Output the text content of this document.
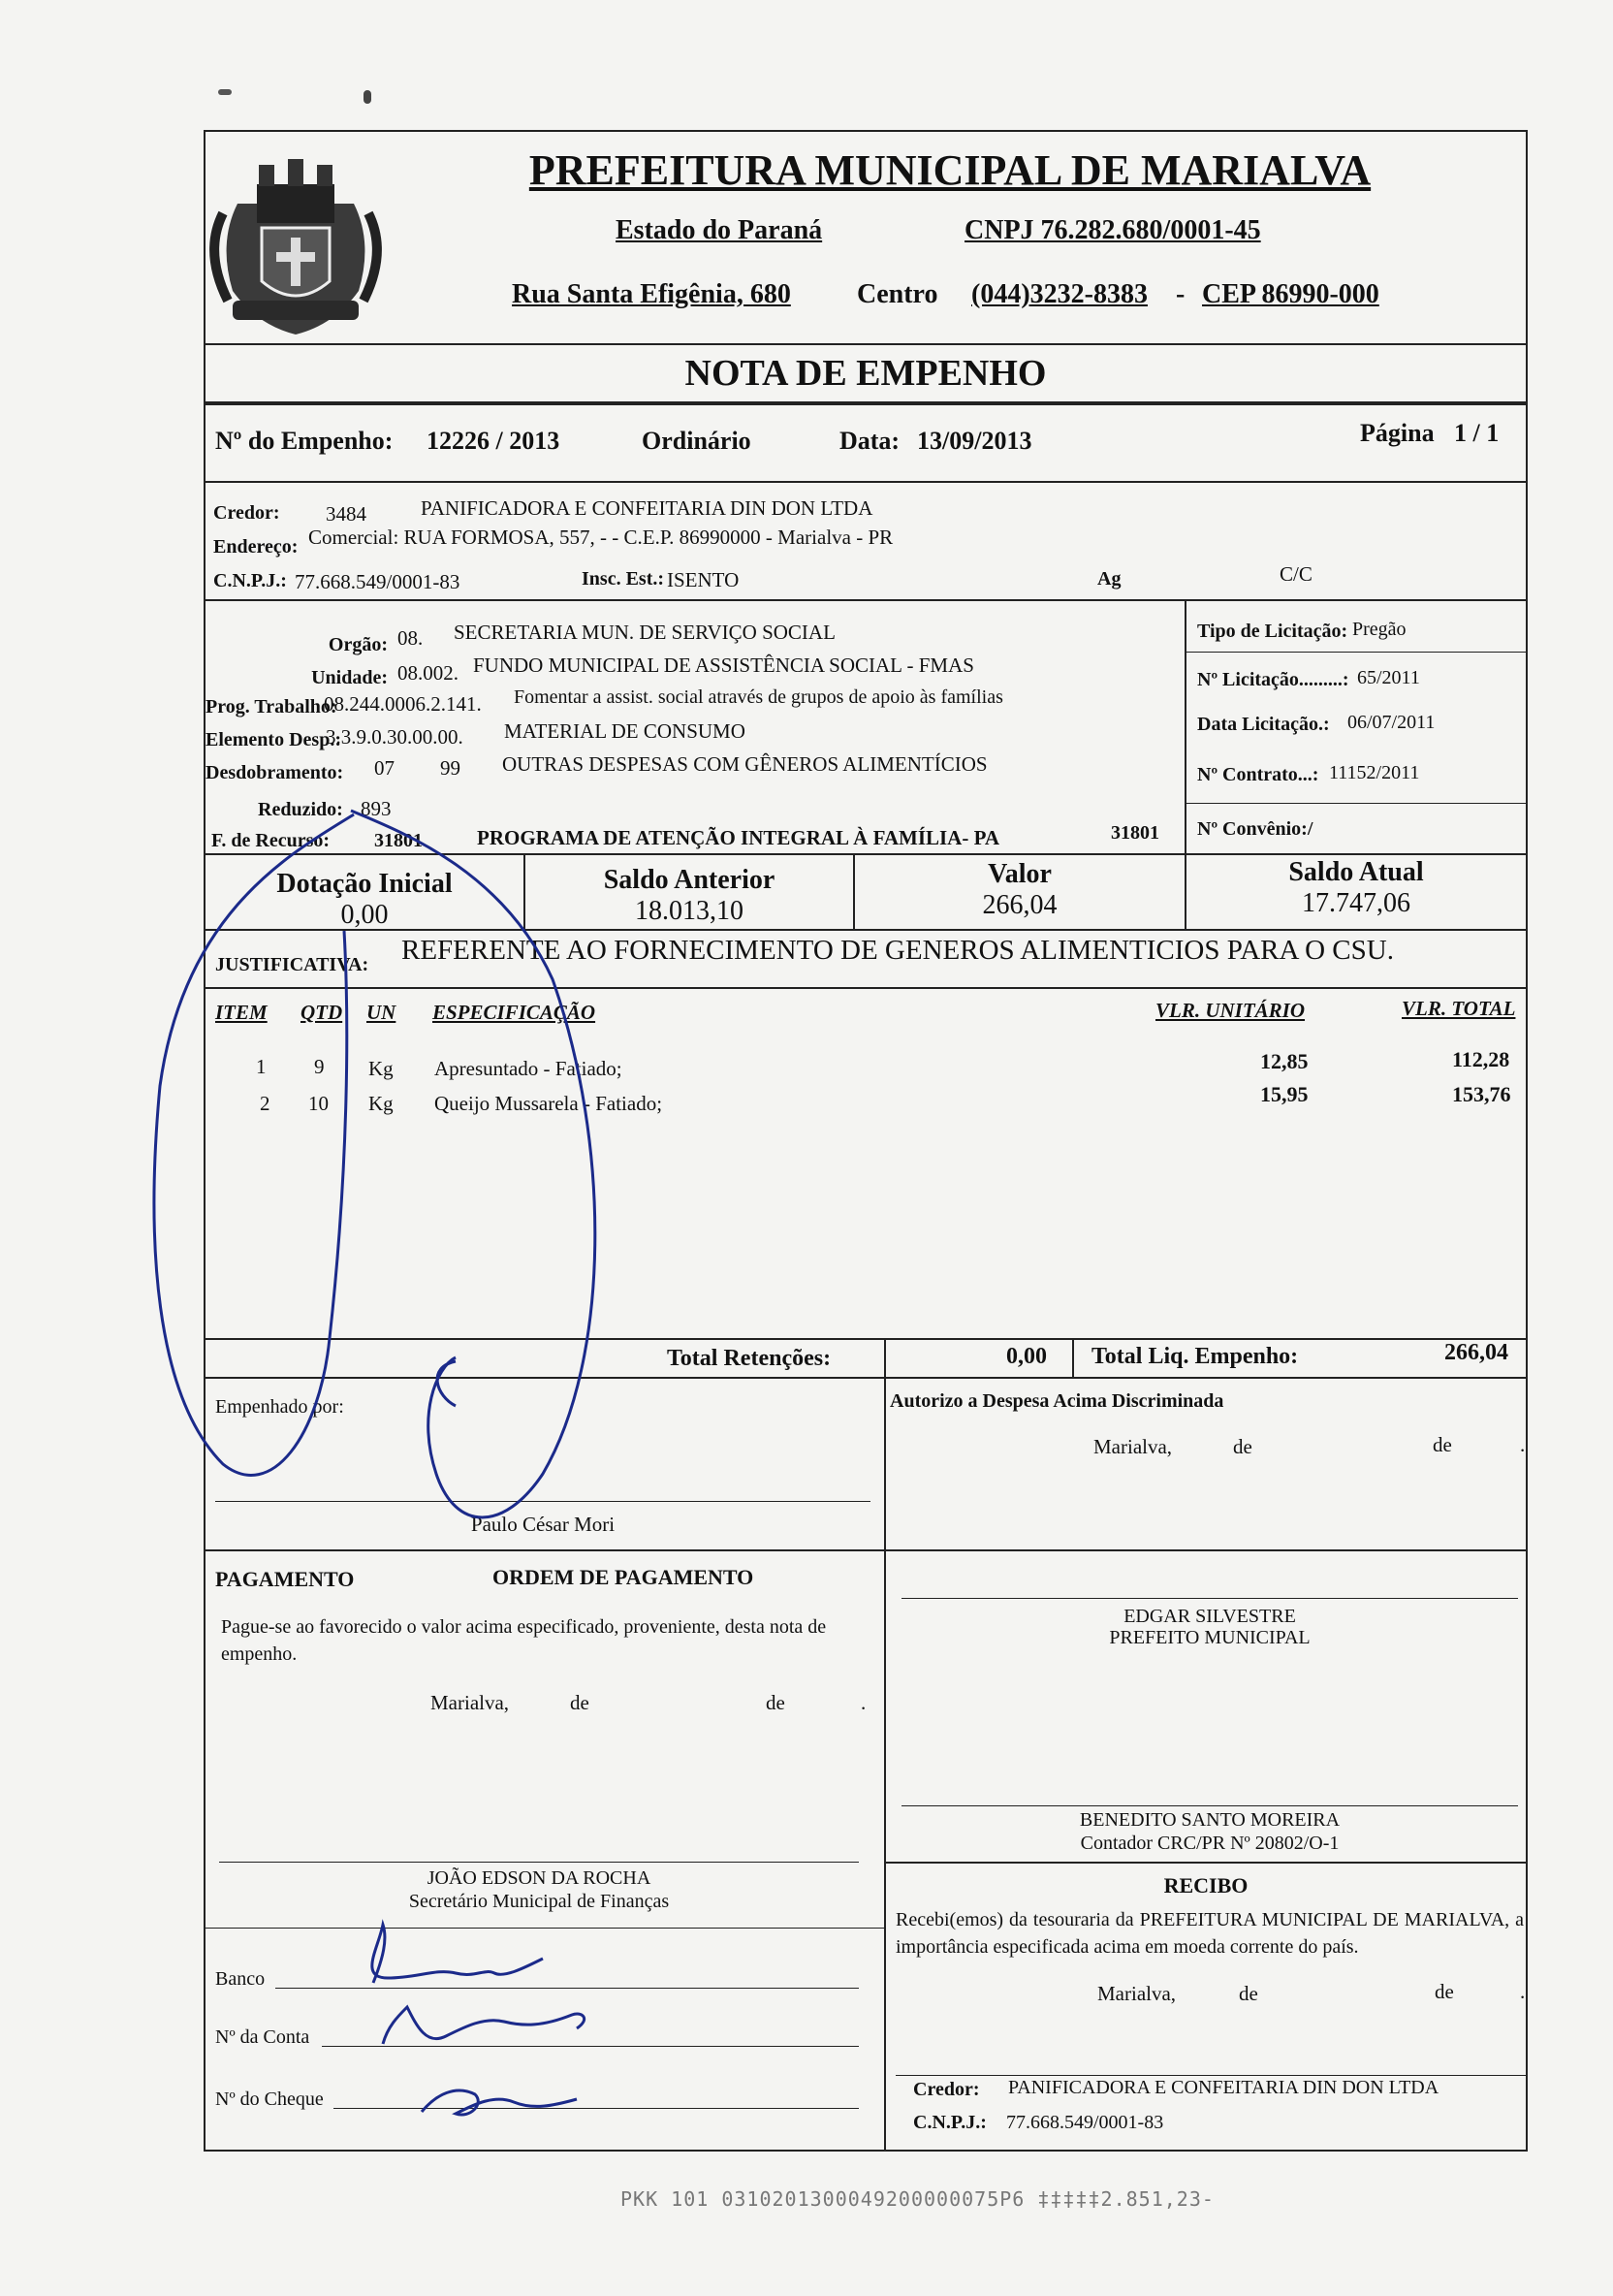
PREFEITURA MUNICIPAL DE MARIALVA
Estado do Paraná	CNPJ 76.282.680/0001-45
Rua Santa Efigênia, 680 Centro (044)3232-8383 - CEP 86990-000
NOTA DE EMPENHO
Nº do Empenho: 12226 / 2013	Ordinário	Data: 13/09/2013	Página 1 / 1
Credor: 3484	PANIFICADORA E CONFEITARIA DIN DON LTDA
Endereço: Comercial: RUA FORMOSA, 557, - - C.E.P. 86990000 - Marialva - PR
C.N.P.J.: 77.668.549/0001-83	Insc. Est.: ISENTO	Ag	C/C
Orgão: 08. SECRETARIA MUN. DE SERVIÇO SOCIAL
Unidade: 08.002. FUNDO MUNICIPAL DE ASSISTÊNCIA SOCIAL - FMAS
Prog. Trabalho:
08.244.0006.2.141. Fomentar a assist. social através de grupos de apoio às famílias
Elemento Desp.:
3.3.9.0.30.00.00. MATERIAL DE CONSUMO
Desdobramento: 07 99 OUTRAS DESPESAS COM GÊNEROS ALIMENTÍCIOS
Reduzido: 893
F. de Recurso: 31801	PROGRAMA DE ATENÇÃO INTEGRAL À FAMÍLIA- PA	31801
Tipo de Licitação: Pregão
Nº Licitação.........: 65/2011
Data Licitação.: 06/07/2011
Nº Contrato...: 11152/2011
Nº Convênio:/
Dotação Inicial
0,00
Saldo Anterior
18.013,10
Valor
266,04
Saldo Atual
17.747,06
JUSTIFICATIVA: REFERENTE AO FORNECIMENTO DE GENEROS ALIMENTICIOS PARA O CSU.
ITEM QTD UN ESPECIFICAÇÃO	VLR. UNITÁRIO	VLR. TOTAL
1 9 Kg Apresuntado - Fatiado;	12,85	112,28
2 10 Kg Queijo Mussarela - Fatiado;	15,95	153,76
Total Retenções:	0,00 Total Liq. Empenho:	266,04
Empenhado por:
Paulo César Mori
Autorizo a Despesa Acima Discriminada
Marialva,	de	de	.
PAGAMENTO	ORDEM DE PAGAMENTO
Pague-se ao favorecido o valor acima especificado, proveniente, desta nota de empenho.
Marialva,	de	de	.
EDGAR SILVESTRE
PREFEITO MUNICIPAL
BENEDITO SANTO MOREIRA
Contador CRC/PR Nº 20802/O-1
RECIBO
Recebi(emos) da tesouraria da PREFEITURA MUNICIPAL DE MARIALVA, a importância especificada acima em moeda corrente do país.
Marialva,	de	de	.
Credor: PANIFICADORA E CONFEITARIA DIN DON LTDA
C.N.P.J.: 77.668.549/0001-83
JOÃO EDSON DA ROCHA
Secretário Municipal de Finanças
Banco
Nº da Conta
Nº do Cheque
PKK 101 0310201300049200000075P6 ‡‡‡‡‡2.851,23-
